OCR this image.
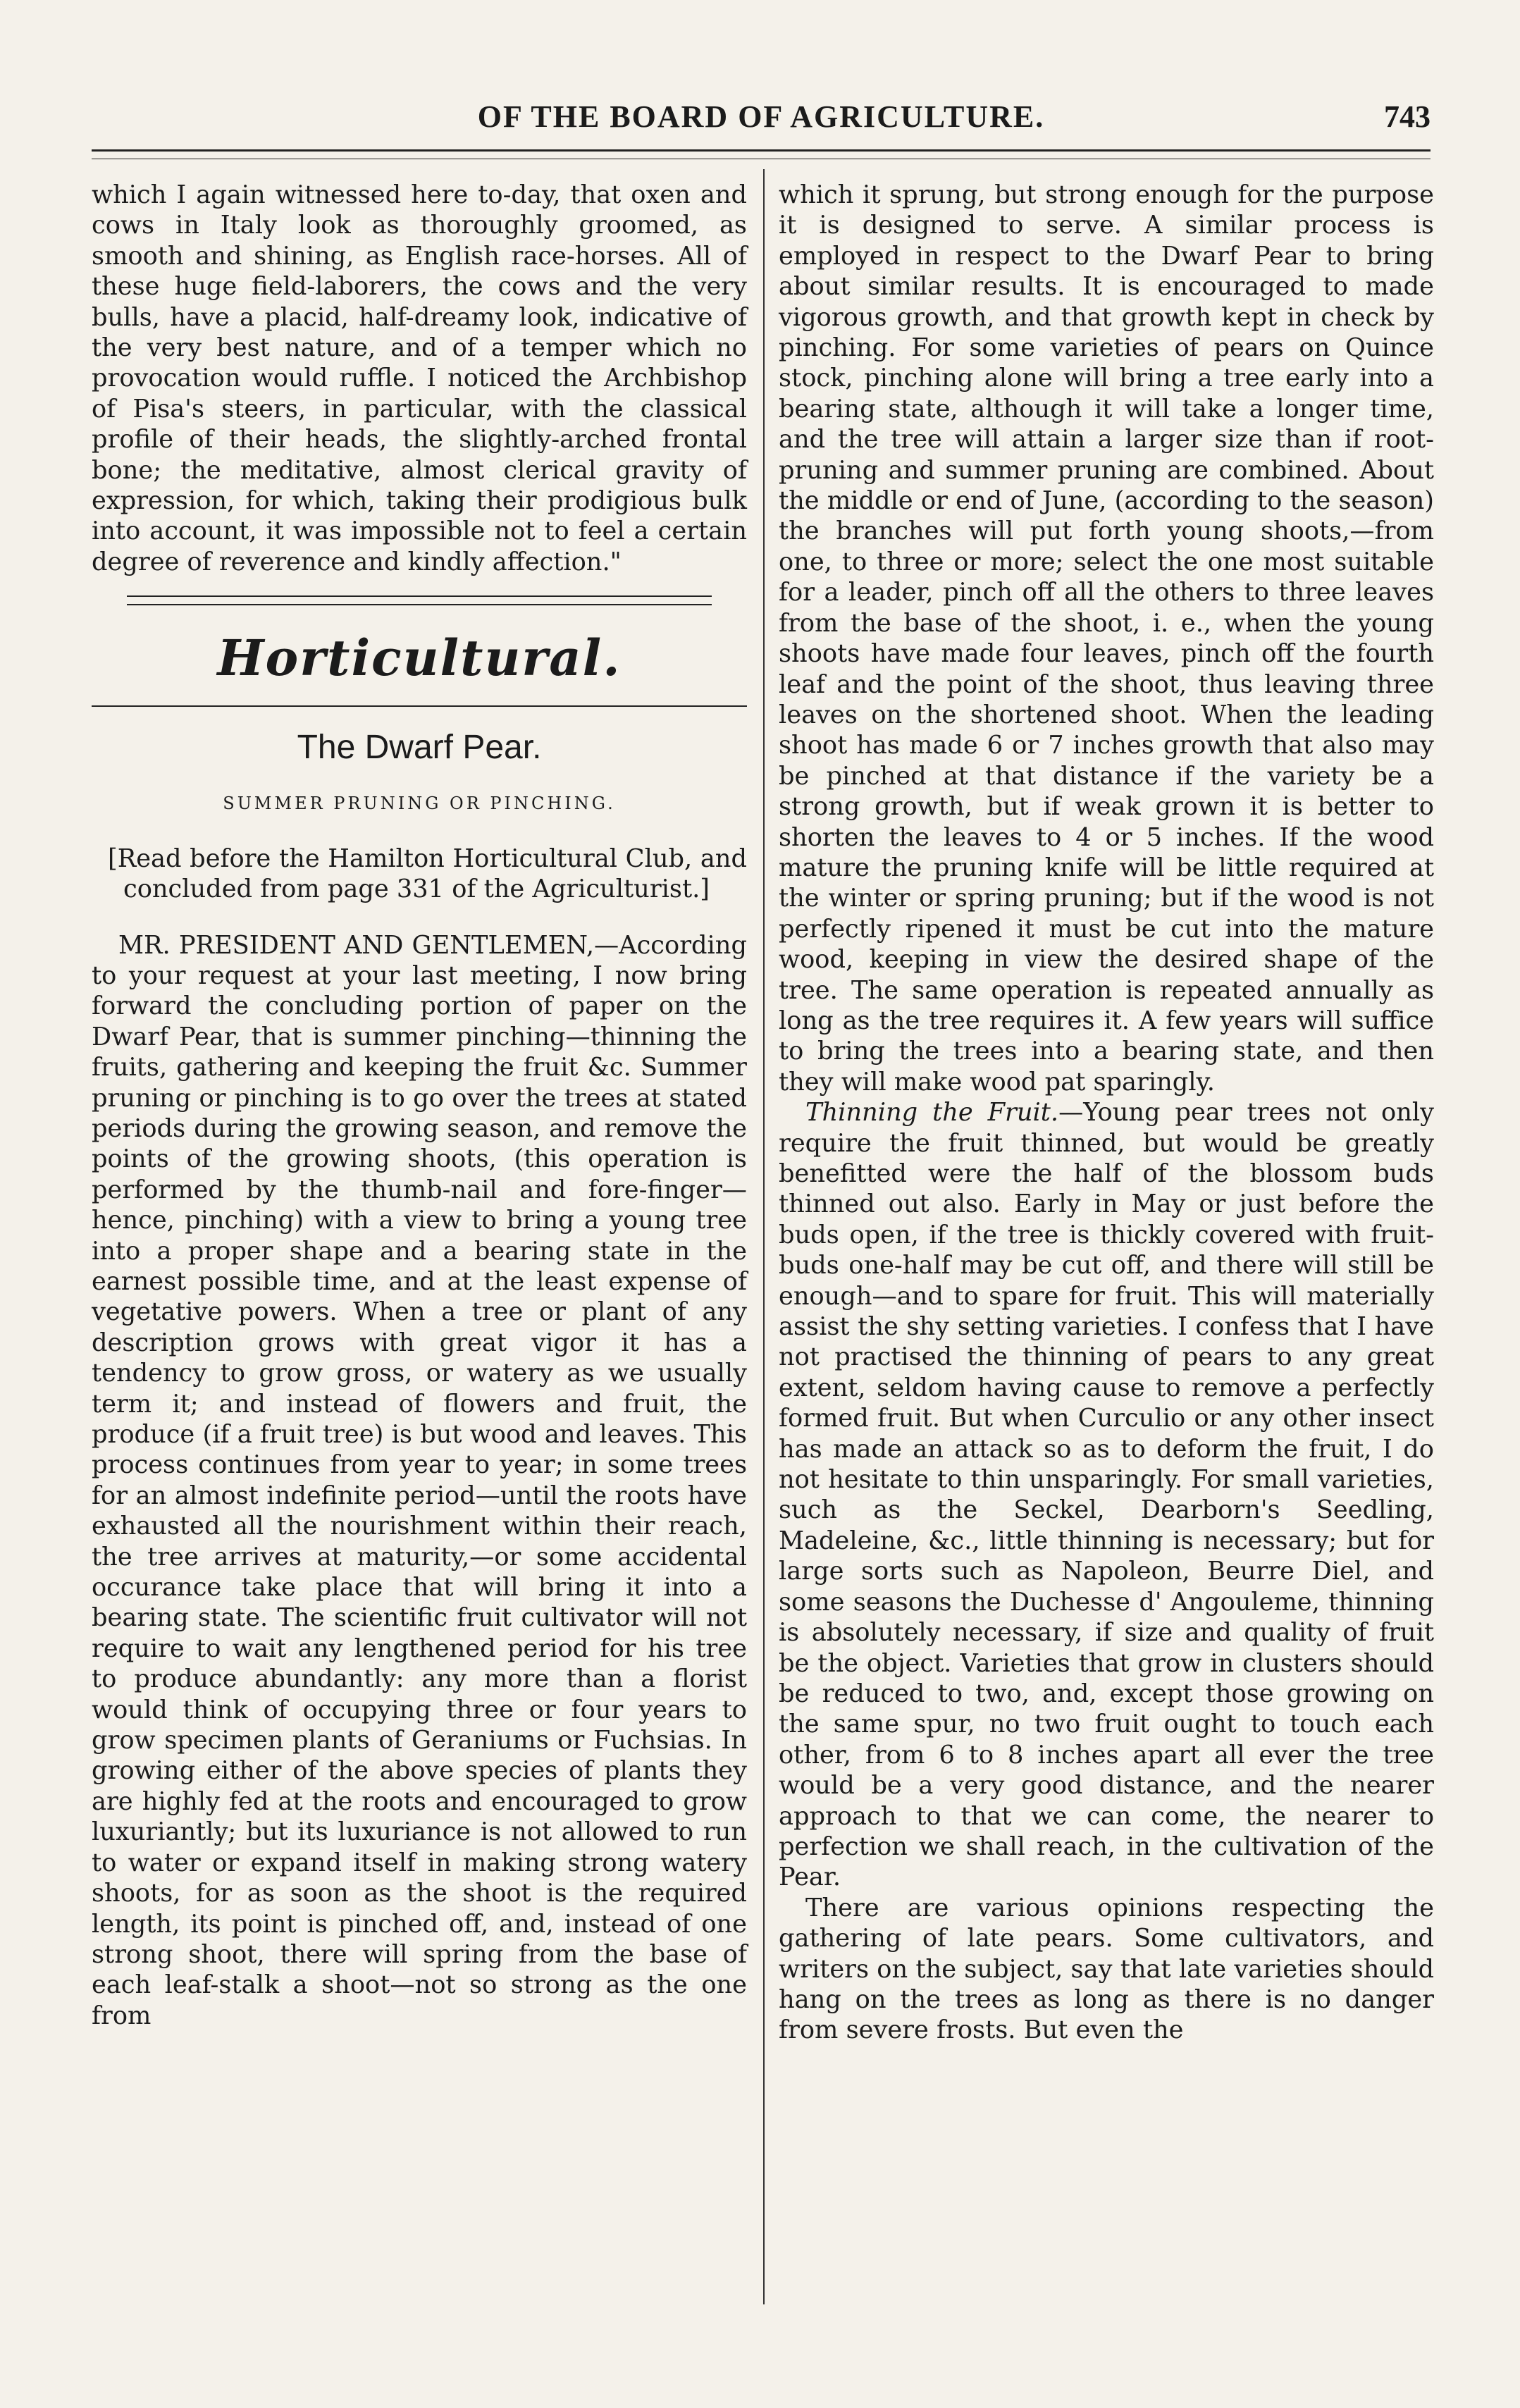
OF THE BOARD OF AGRICULTURE.	743

which I again witnessed here to-day, that oxen and cows in Italy look as thoroughly groomed, as smooth and shining, as English race-horses. All of these huge field-laborers, the cows and the very bulls, have a placid, half-dreamy look, indicative of the very best nature, and of a temper which no provocation would ruffle. I noticed the Archbishop of Pisa's steers, in particular, with the classical profile of their heads, the slightly-arched frontal bone; the meditative, almost clerical gravity of expression, for which, taking their prodigious bulk into account, it was impossible not to feel a certain degree of reverence and kindly affection."

Horticultural.
The Dwarf Pear.
SUMMER PRUNING OR PINCHING.

[Read before the Hamilton Horticultural Club, and concluded from page 331 of the Agriculturist.]

MR. PRESIDENT AND GENTLEMEN,—According to your request at your last meeting, I now bring forward the concluding portion of paper on the Dwarf Pear, that is summer pinching—thinning the fruits, gathering and keeping the fruit &c. Summer pruning or pinching is to go over the trees at stated periods during the growing season, and remove the points of the growing shoots, (this operation is performed by the thumb-nail and fore-finger—hence, pinching) with a view to bring a young tree into a proper shape and a bearing state in the earnest possible time, and at the least expense of vegetative powers. When a tree or plant of any description grows with great vigor it has a tendency to grow gross, or watery as we usually term it; and instead of flowers and fruit, the produce (if a fruit tree) is but wood and leaves. This process continues from year to year; in some trees for an almost indefinite period—until the roots have exhausted all the nourishment within their reach, the tree arrives at maturity,—or some accidental occurance take place that will bring it into a bearing state. The scientific fruit cultivator will not require to wait any lengthened period for his tree to produce abundantly: any more than a florist would think of occupying three or four years to grow specimen plants of Geraniums or Fuchsias. In growing either of the above species of plants they are highly fed at the roots and encouraged to grow luxuriantly; but its luxuriance is not allowed to run to water or expand itself in making strong watery shoots, for as soon as the shoot is the required length, its point is pinched off, and, instead of one strong shoot, there will spring from the base of each leaf-stalk a shoot—not so strong as the one from

which it sprung, but strong enough for the purpose it is designed to serve. A similar process is employed in respect to the Dwarf Pear to bring about similar results. It is encouraged to made vigorous growth, and that growth kept in check by pinching. For some varieties of pears on Quince stock, pinching alone will bring a tree early into a bearing state, although it will take a longer time, and the tree will attain a larger size than if root-pruning and summer pruning are combined. About the middle or end of June, (according to the season) the branches will put forth young shoots,—from one, to three or more; select the one most suitable for a leader, pinch off all the others to three leaves from the base of the shoot, i. e., when the young shoots have made four leaves, pinch off the fourth leaf and the point of the shoot, thus leaving three leaves on the shortened shoot. When the leading shoot has made 6 or 7 inches growth that also may be pinched at that distance if the variety be a strong growth, but if weak grown it is better to shorten the leaves to 4 or 5 inches. If the wood mature the pruning knife will be little required at the winter or spring pruning; but if the wood is not perfectly ripened it must be cut into the mature wood, keeping in view the desired shape of the tree. The same operation is repeated annually as long as the tree requires it. A few years will suffice to bring the trees into a bearing state, and then they will make wood pat sparingly.

Thinning the Fruit.—Young pear trees not only require the fruit thinned, but would be greatly benefitted were the half of the blossom buds thinned out also. Early in May or just before the buds open, if the tree is thickly covered with fruit-buds one-half may be cut off, and there will still be enough—and to spare for fruit. This will materially assist the shy setting varieties. I confess that I have not practised the thinning of pears to any great extent, seldom having cause to remove a perfectly formed fruit. But when Curculio or any other insect has made an attack so as to deform the fruit, I do not hesitate to thin unsparingly. For small varieties, such as the Seckel, Dearborn's Seedling, Madeleine, &c., little thinning is necessary; but for large sorts such as Napoleon, Beurre Diel, and some seasons the Duchesse d' Angouleme, thinning is absolutely necessary, if size and quality of fruit be the object. Varieties that grow in clusters should be reduced to two, and, except those growing on the same spur, no two fruit ought to touch each other, from 6 to 8 inches apart all ever the tree would be a very good distance, and the nearer approach to that we can come, the nearer to perfection we shall reach, in the cultivation of the Pear.

There are various opinions respecting the gathering of late pears. Some cultivators, and writers on the subject, say that late varieties should hang on the trees as long as there is no danger from severe frosts. But even the
